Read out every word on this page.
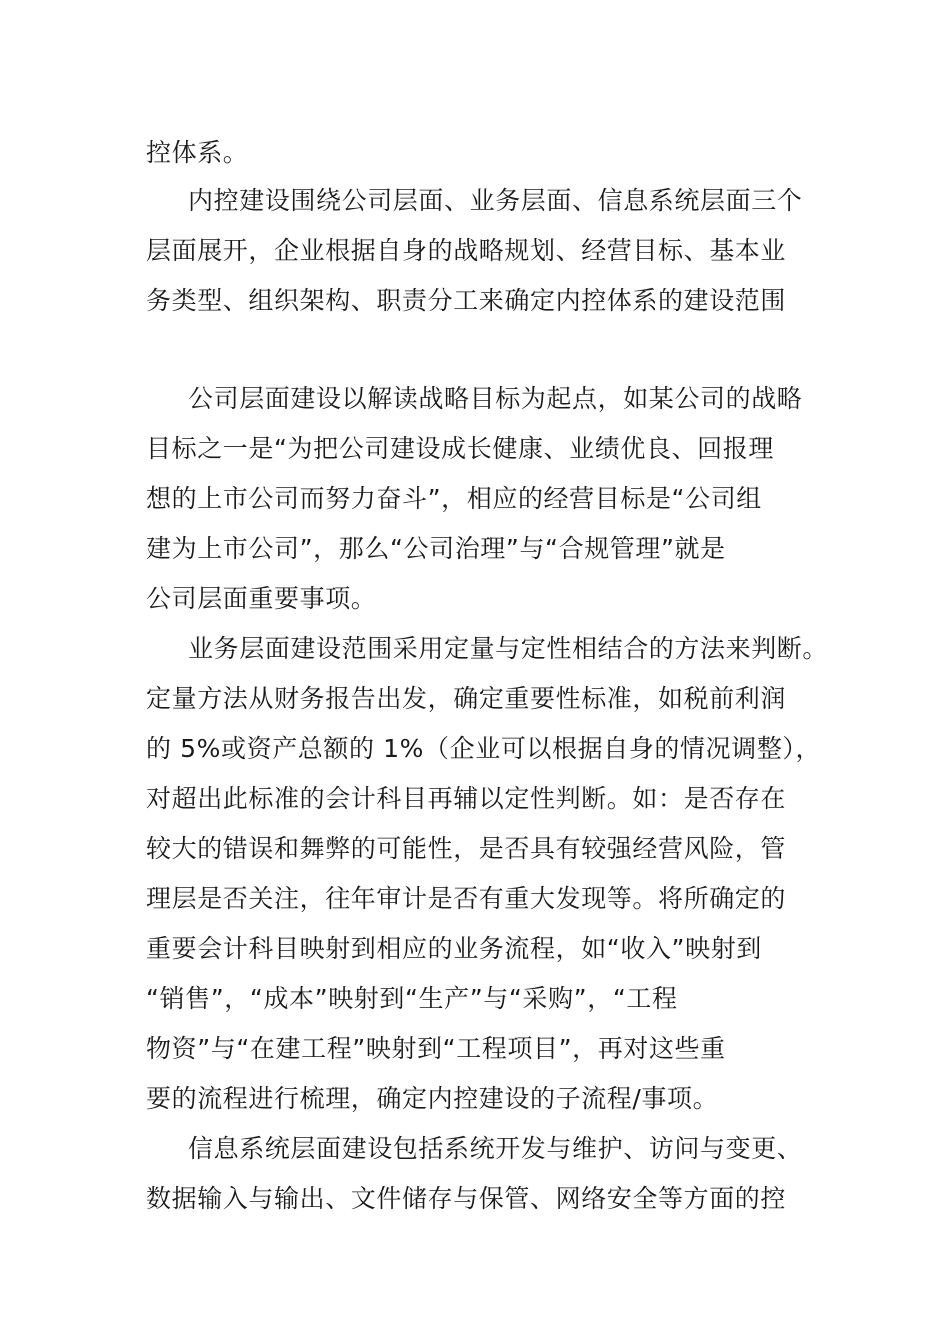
控体系。
内控建设围绕公司层面、业务层面、信息系统层面三个
层面展开，企业根据自身的战略规划、经营目标、基本业
务类型、组织架构、职责分工来确定内控体系的建设范围
公司层面建设以解读战略目标为起点，如某公司的战略
目标之一是“为把公司建设成长健康、业绩优良、回报理
想的上市公司而努力奋斗”，相应的经营目标是“公司组
建为上市公司”，那么“公司治理”与“合规管理”就是
公司层面重要事项。
业务层面建设范围采用定量与定性相结合的方法来判断。
定量方法从财务报告出发，确定重要性标准，如税前利润
的 5%或资产总额的 1%（企业可以根据自身的情况调整），
对超出此标准的会计科目再辅以定性判断。如：是否存在
较大的错误和舞弊的可能性，是否具有较强经营风险，管
理层是否关注，往年审计是否有重大发现等。将所确定的
重要会计科目映射到相应的业务流程，如“收入”映射到
“销售”，“成本”映射到“生产”与“采购”，“工程
物资”与“在建工程”映射到“工程项目”，再对这些重
要的流程进行梳理，确定内控建设的子流程/事项。
信息系统层面建设包括系统开发与维护、访问与变更、
数据输入与输出、文件储存与保管、网络安全等方面的控
